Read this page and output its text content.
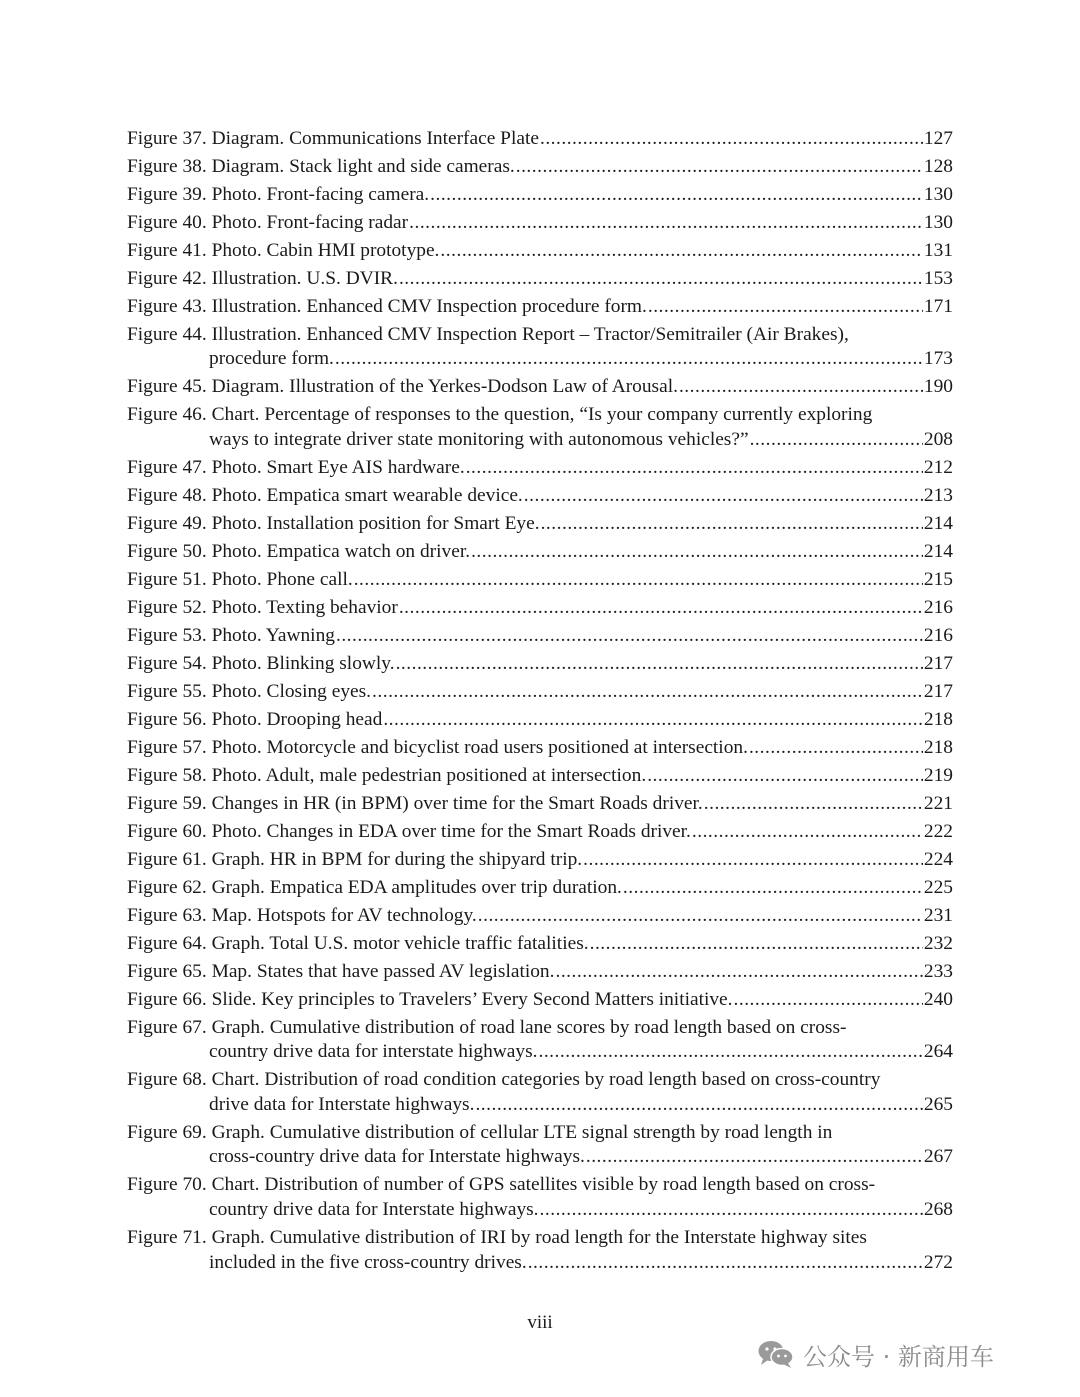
Figure 37. Diagram. Communications Interface Plate .....	127
Figure 38. Diagram. Stack light and side cameras. .....	128
Figure 39. Photo. Front-facing camera. .....	130
Figure 40. Photo. Front-facing radar .....	130
Figure 41. Photo. Cabin HMI prototype. .....	131
Figure 42. Illustration. U.S. DVIR. .....	153
Figure 43. Illustration. Enhanced CMV Inspection procedure form. .....	171
Figure 44. Illustration. Enhanced CMV Inspection Report – Tractor/Semitrailer (Air Brakes),
procedure form. .....	173
Figure 45. Diagram. Illustration of the Yerkes-Dodson Law of Arousal. .....	190
Figure 46. Chart. Percentage of responses to the question, “Is your company currently exploring
ways to integrate driver state monitoring with autonomous vehicles?” .....	208
Figure 47. Photo. Smart Eye AIS hardware. .....	212
Figure 48. Photo. Empatica smart wearable device. .....	213
Figure 49. Photo. Installation position for Smart Eye. .....	214
Figure 50. Photo. Empatica watch on driver. .....	214
Figure 51. Photo. Phone call. .....	215
Figure 52. Photo. Texting behavior .....	216
Figure 53. Photo. Yawning .....	216
Figure 54. Photo. Blinking slowly. .....	217
Figure 55. Photo. Closing eyes. .....	217
Figure 56. Photo. Drooping head .....	218
Figure 57. Photo. Motorcycle and bicyclist road users positioned at intersection. .....	218
Figure 58. Photo. Adult, male pedestrian positioned at intersection. .....	219
Figure 59. Changes in HR (in BPM) over time for the Smart Roads driver. .....	221
Figure 60. Photo. Changes in EDA over time for the Smart Roads driver. .....	222
Figure 61. Graph. HR in BPM for during the shipyard trip. .....	224
Figure 62. Graph. Empatica EDA amplitudes over trip duration. .....	225
Figure 63. Map. Hotspots for AV technology. .....	231
Figure 64. Graph. Total U.S. motor vehicle traffic fatalities. .....	232
Figure 65. Map. States that have passed AV legislation. .....	233
Figure 66. Slide. Key principles to Travelers’ Every Second Matters initiative. .....	240
Figure 67. Graph. Cumulative distribution of road lane scores by road length based on cross-
country drive data for interstate highways. .....	264
Figure 68. Chart. Distribution of road condition categories by road length based on cross-country
drive data for Interstate highways. .....	265
Figure 69. Graph. Cumulative distribution of cellular LTE signal strength by road length in
cross-country drive data for Interstate highways. .....	267
Figure 70. Chart. Distribution of number of GPS satellites visible by road length based on cross-
country drive data for Interstate highways. .....	268
Figure 71. Graph. Cumulative distribution of IRI by road length for the Interstate highway sites
included in the five cross-country drives. .....	272
viii
公众号 · 新商用车
